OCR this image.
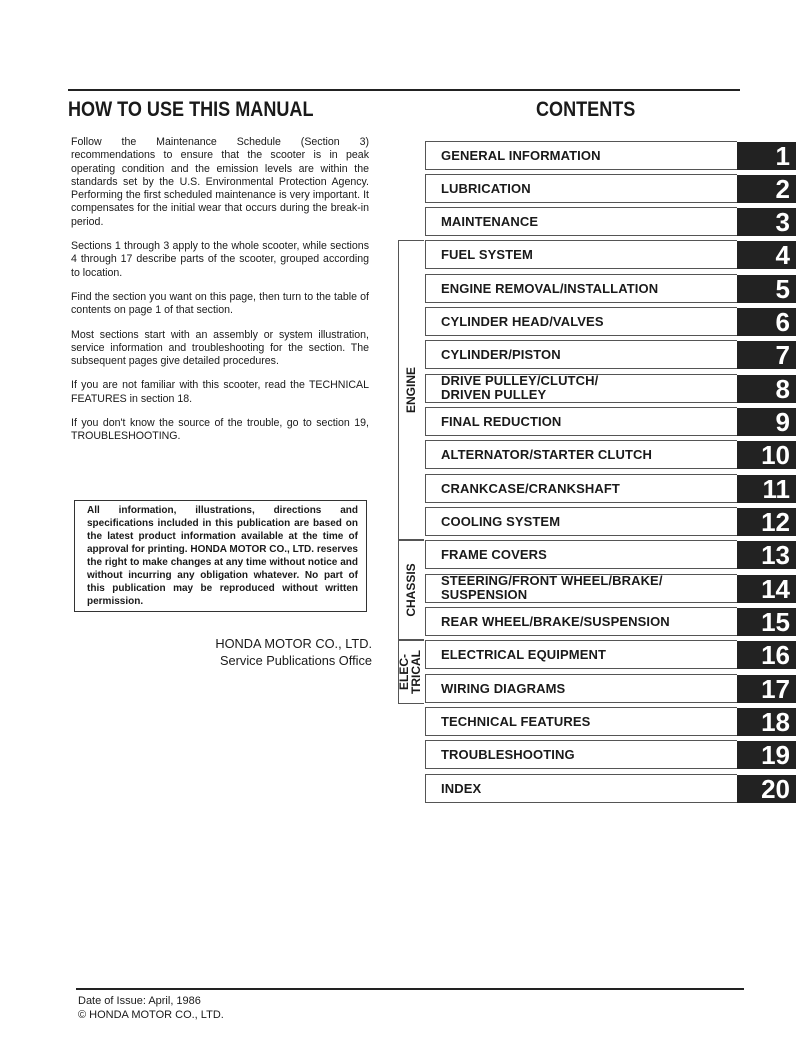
HOW TO USE THIS MANUAL	CONTENTS

Follow the Maintenance Schedule (Section 3) recommendations to ensure that the scooter is in peak operating condition and the emission levels are within the standards set by the U.S. Environmental Protection Agency. Performing the first scheduled maintenance is very important. It compensates for the initial wear that occurs during the break-in period.

Sections 1 through 3 apply to the whole scooter, while sections 4 through 17 describe parts of the scooter, grouped according to location.

Find the section you want on this page, then turn to the table of contents on page 1 of that section.

Most sections start with an assembly or system illustration, service information and troubleshooting for the section. The subsequent pages give detailed procedures.

If you are not familiar with this scooter, read the TECHNICAL FEATURES in section 18.

If you don't know the source of the trouble, go to section 19, TROUBLESHOOTING.

All information, illustrations, directions and specifications included in this publication are based on the latest product information available at the time of approval for printing. HONDA MOTOR CO., LTD. reserves the right to make changes at any time without notice and without incurring any obligation whatever. No part of this publication may be reproduced without written permission.
HONDA MOTOR CO., LTD.
Service Publications Office
ENGINE
CHASSIS
ELEC-
TRICAL
GENERAL INFORMATION	1
LUBRICATION	2
MAINTENANCE	3
FUEL SYSTEM	4
ENGINE REMOVAL/INSTALLATION	5
CYLINDER HEAD/VALVES	6
CYLINDER/PISTON	7
DRIVE PULLEY/CLUTCH/
DRIVEN PULLEY	8
FINAL REDUCTION	9
ALTERNATOR/STARTER CLUTCH	10
CRANKCASE/CRANKSHAFT	11
COOLING SYSTEM	12
FRAME COVERS	13
STEERING/FRONT WHEEL/BRAKE/
SUSPENSION	14
REAR WHEEL/BRAKE/SUSPENSION	15
ELECTRICAL EQUIPMENT	16
WIRING DIAGRAMS	17
TECHNICAL FEATURES	18
TROUBLESHOOTING	19
INDEX	20
Date of Issue: April, 1986
© HONDA MOTOR CO., LTD.
